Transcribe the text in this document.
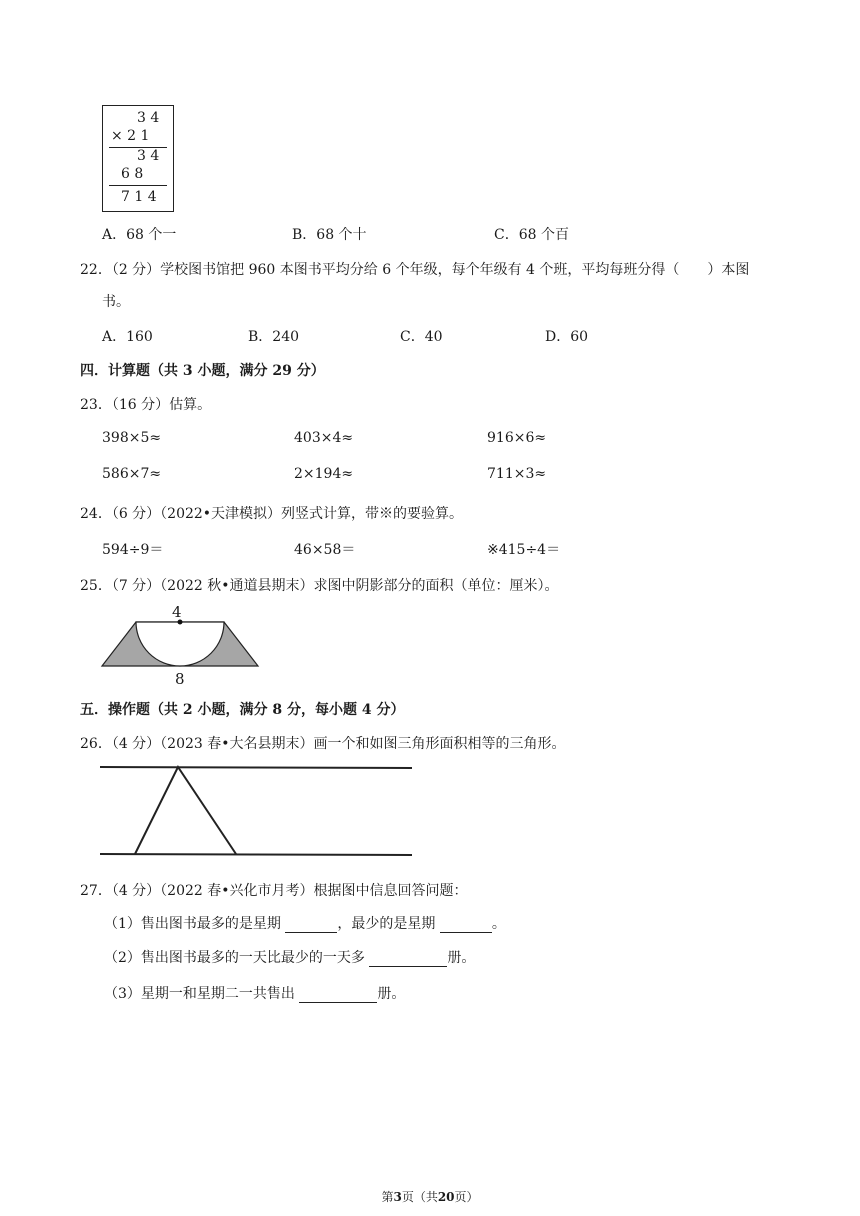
3 4
× 2 1
3 4
6 8
7 1 4
A．68 个一	B．68 个十	C．68 个百
22．（2 分）学校图书馆把 960 本图书平均分给 6 个年级，每个年级有 4 个班，平均每班分得（　　）本图
书。
A．160	B．240	C．40	D．60
四．计算题（共 3 小题，满分 29 分）
23．（16 分）估算。
398×5≈	403×4≈	916×6≈
586×7≈	2×194≈	711×3≈
24．（6 分）（2022•天津模拟）列竖式计算，带※的要验算。
594÷9＝	46×58＝	※415÷4＝
25．（7 分）（2022 秋•通道县期末）求图中阴影部分的面积（单位：厘米）。
4
8
五．操作题（共 2 小题，满分 8 分，每小题 4 分）
26．（4 分）（2023 春•大名县期末）画一个和如图三角形面积相等的三角形。
27．（4 分）（2022 春•兴化市月考）根据图中信息回答问题：
（1）售出图书最多的是星期	，最少的是星期	。
（2）售出图书最多的一天比最少的一天多	册。
（3）星期一和星期二一共售出	册。
第3页（共20页）
